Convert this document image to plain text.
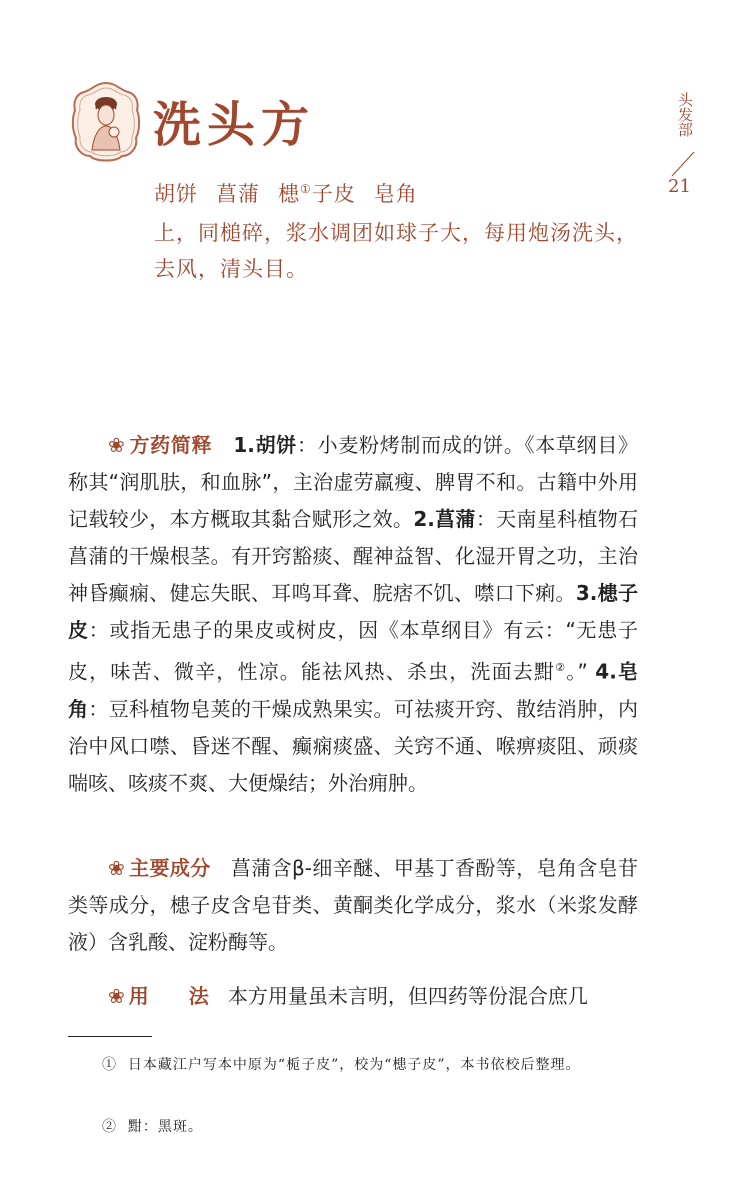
洗头方	头发部
21
胡饼 菖蒲 槵①子皮 皂角
上，同槌碎，浆水调团如球子大，每用炮汤洗头，去风，清头目。
❀ 方药简释 1.胡饼：小麦粉烤制而成的饼。《本草纲目》称其“润肌肤，和血脉”，主治虚劳羸瘦、脾胃不和。古籍中外用记载较少，本方概取其黏合赋形之效。2.菖蒲：天南星科植物石菖蒲的干燥根茎。有开窍豁痰、醒神益智、化湿开胃之功，主治神昏癫痫、健忘失眠、耳鸣耳聋、脘痞不饥、噤口下痢。3.槵子皮：或指无患子的果皮或树皮，因《本草纲目》有云：“无患子皮，味苦、微辛，性凉。能祛风热、杀虫，洗面去黚②。” 4.皂角：豆科植物皂荚的干燥成熟果实。可祛痰开窍、散结消肿，内治中风口噤、昏迷不醒、癫痫痰盛、关窍不通、喉痹痰阻、顽痰喘咳、咳痰不爽、大便燥结；外治痈肿。
❀ 主要成分 菖蒲含β-细辛醚、甲基丁香酚等，皂角含皂苷类等成分，槵子皮含皂苷类、黄酮类化学成分，浆水（米浆发酵液）含乳酸、淀粉酶等。
❀ 用　　法 本方用量虽未言明，但四药等份混合庶几
① 日本藏江户写本中原为“栀子皮”，校为“槵子皮”，本书依校后整理。
② 黚：黑斑。
